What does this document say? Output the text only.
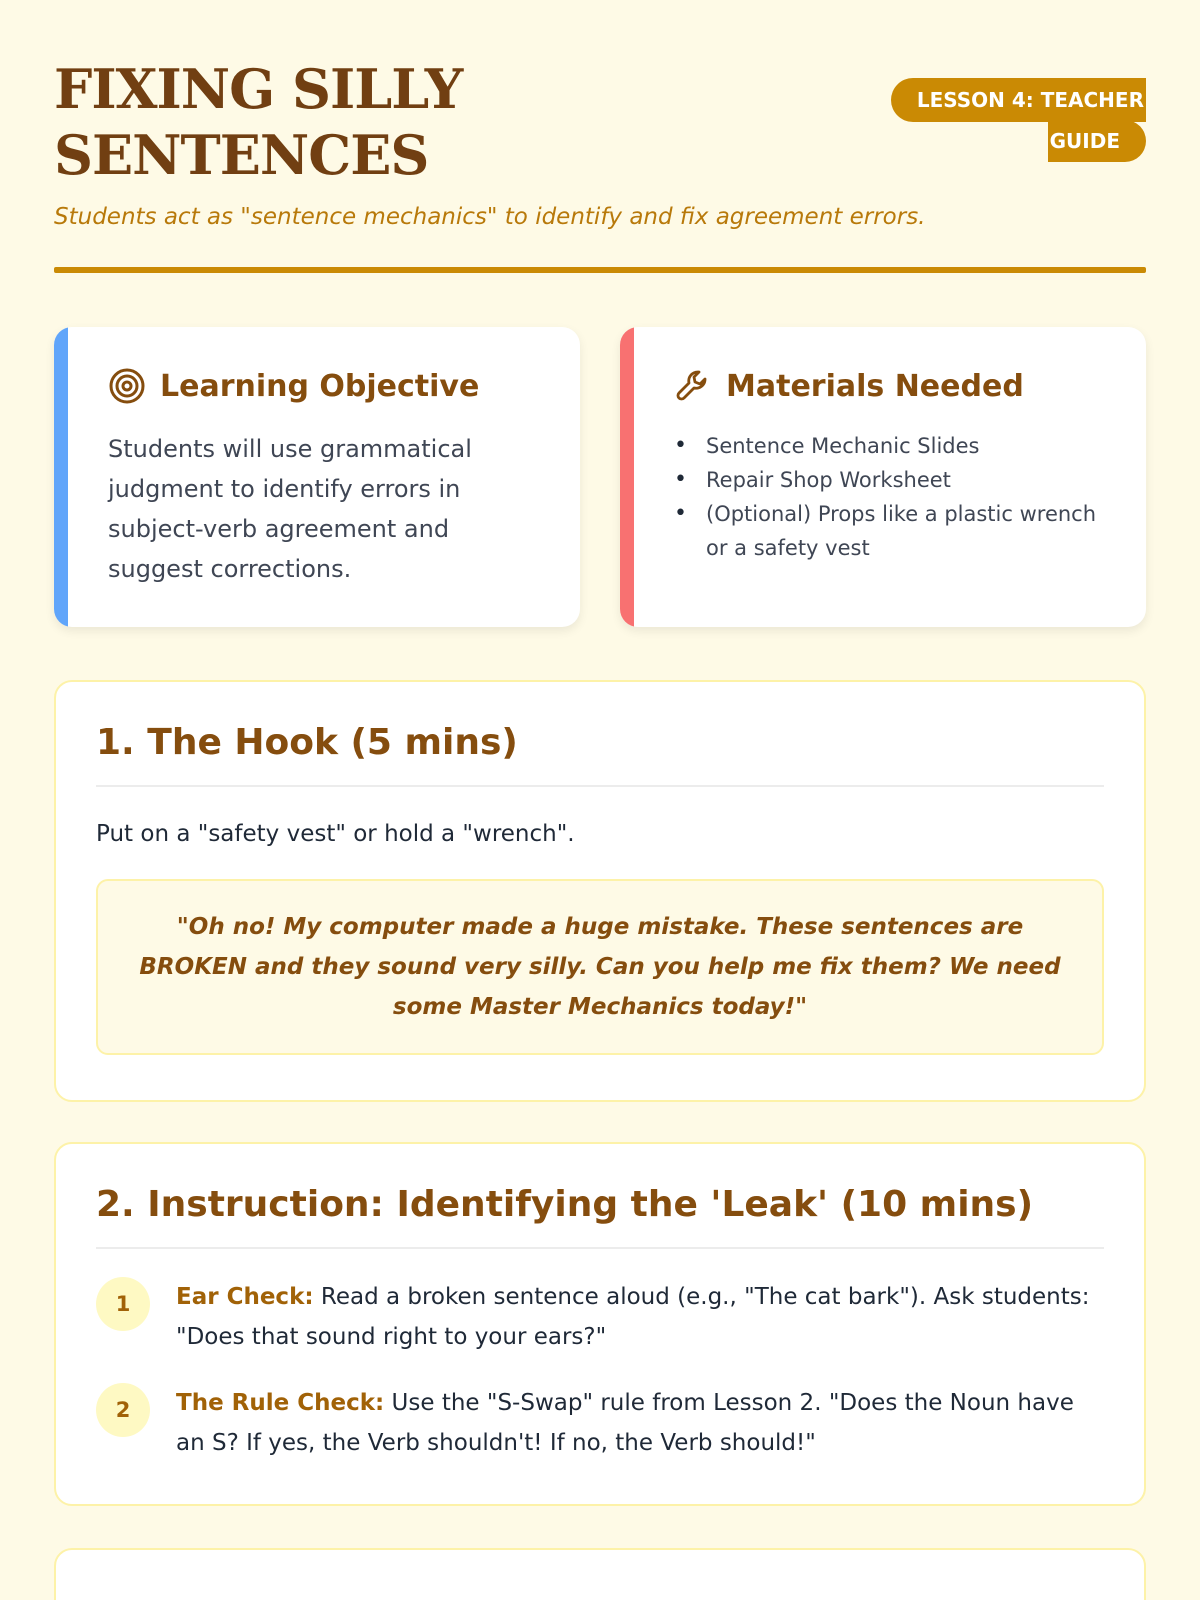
FIXING SILLY
SENTENCES
LESSON 4: TEACHER
GUIDE

Students act as "sentence mechanics" to identify and fix agreement errors.

Learning Objective

Students will use grammatical judgment to identify errors in subject-verb agreement and suggest corrections.

Materials Needed
• Sentence Mechanic Slides
• Repair Shop Worksheet
• (Optional) Props like a plastic wrench or a safety vest
1. The Hook (5 mins)

Put on a "safety vest" or hold a "wrench".

"Oh no! My computer made a huge mistake. These sentences are BROKEN and they sound very silly. Can you help me fix them? We need some Master Mechanics today!"
2. Instruction: Identifying the 'Leak' (10 mins)
1	Ear Check: Read a broken sentence aloud (e.g., "The cat bark"). Ask students: "Does that sound right to your ears?"

2	The Rule Check: Use the "S-Swap" rule from Lesson 2. "Does the Noun have an S? If yes, the Verb shouldn't! If no, the Verb should!"
